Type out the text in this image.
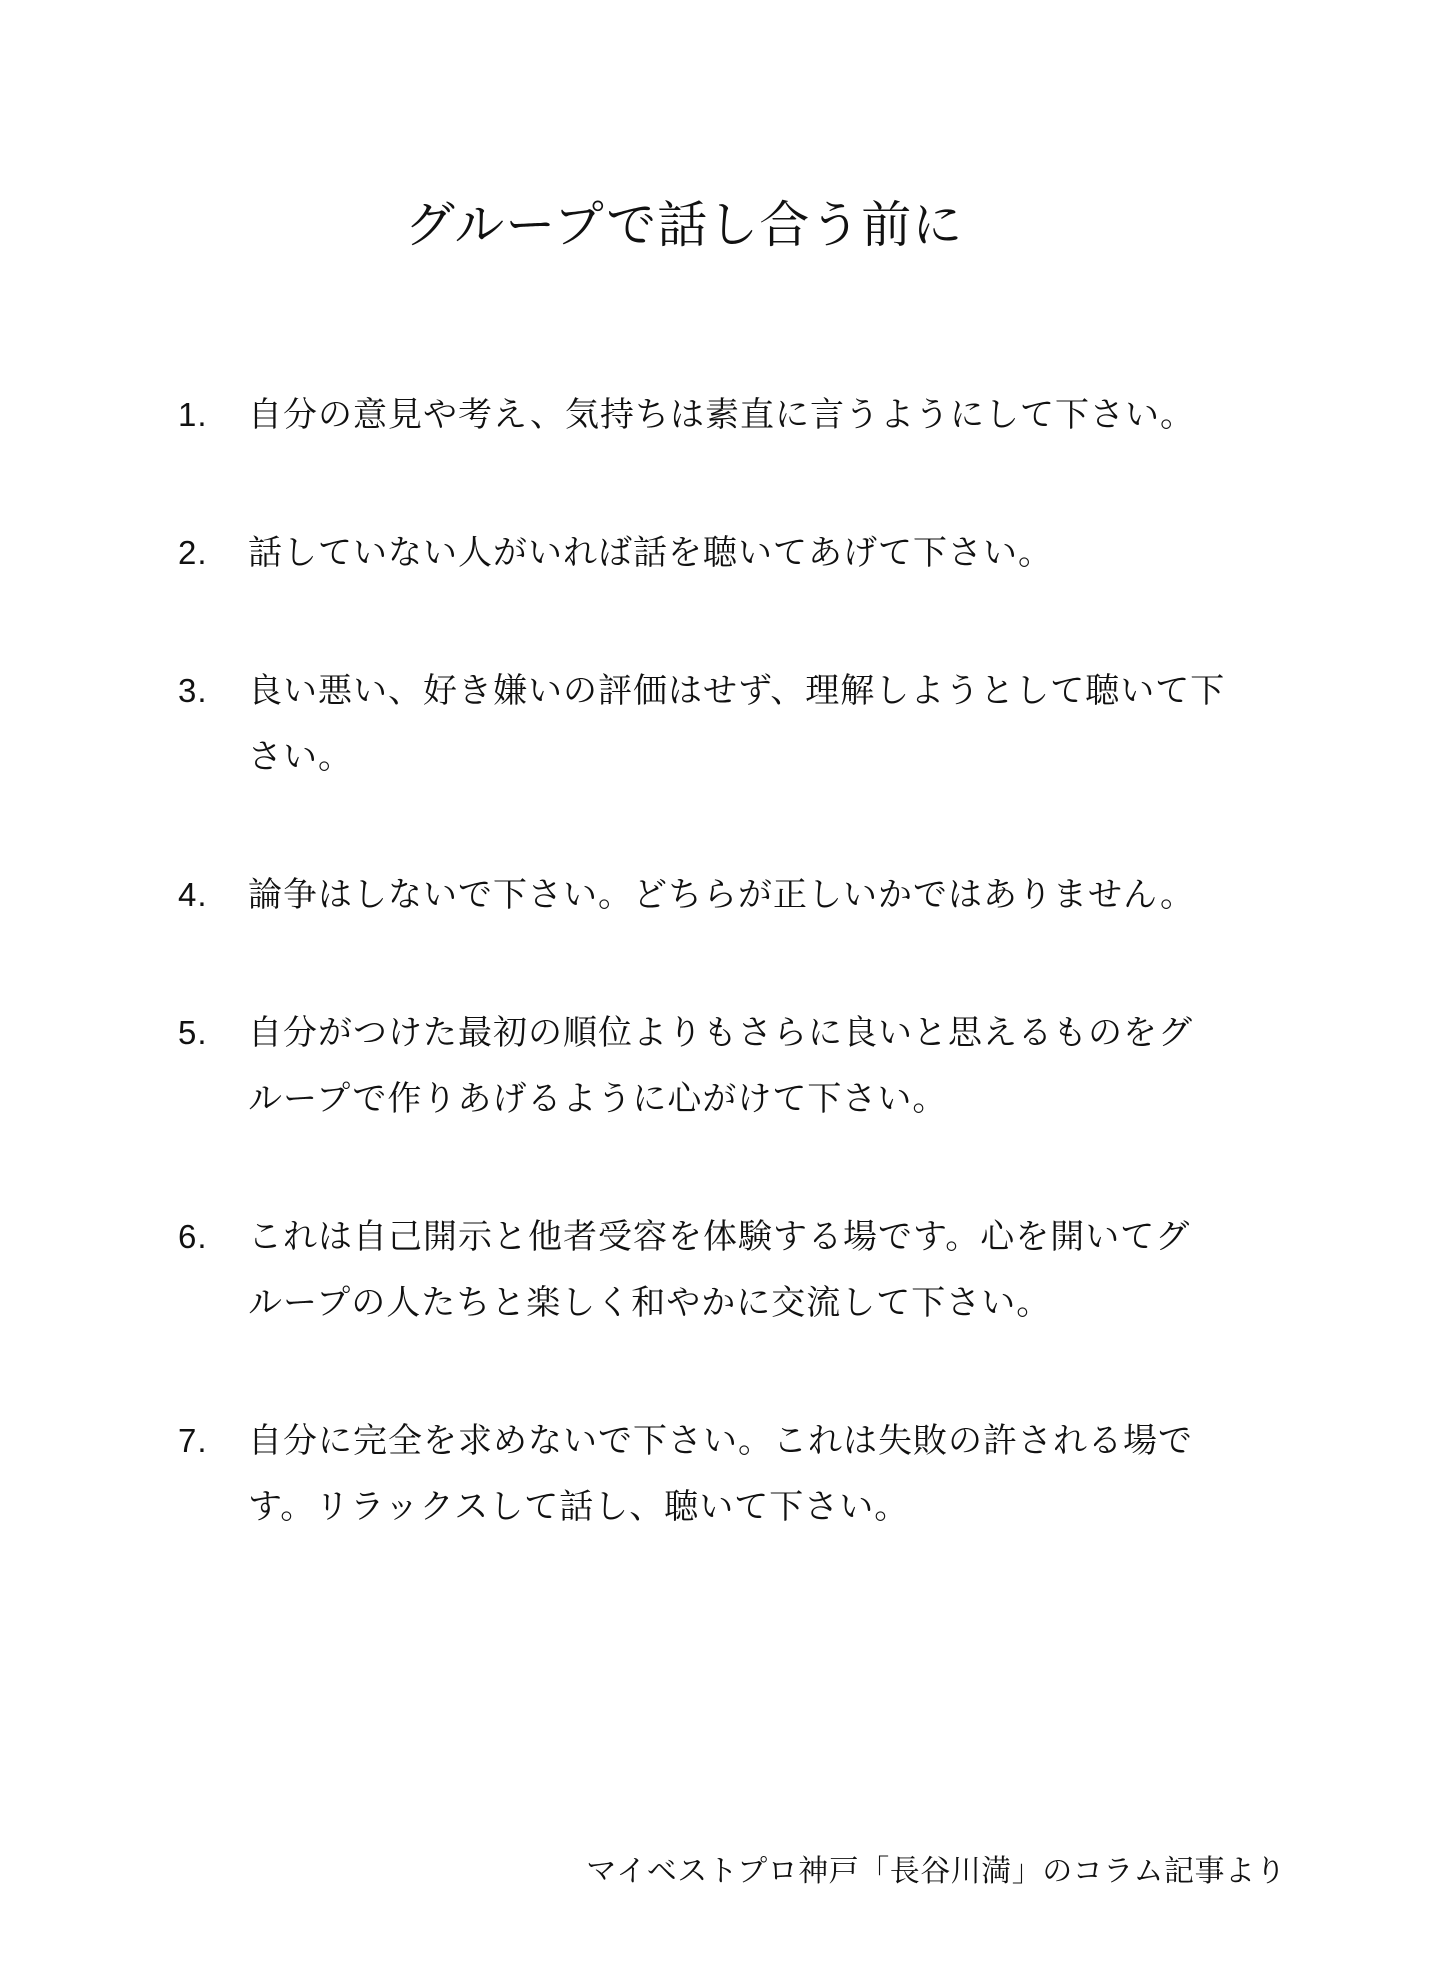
グループで話し合う前に
1. 自分の意見や考え、気持ちは素直に言うようにして下さい。
2. 話していない人がいれば話を聴いてあげて下さい。
3. 良い悪い、好き嫌いの評価はせず、理解しようとして聴いて下
さい。
4. 論争はしないで下さい。どちらが正しいかではありません。
5. 自分がつけた最初の順位よりもさらに良いと思えるものをグ
ループで作りあげるように心がけて下さい。
6. これは自己開示と他者受容を体験する場です。心を開いてグ
ループの人たちと楽しく和やかに交流して下さい。
7. 自分に完全を求めないで下さい。これは失敗の許される場で
す。リラックスして話し、聴いて下さい。
マイベストプロ神戸「長谷川満」のコラム記事より
